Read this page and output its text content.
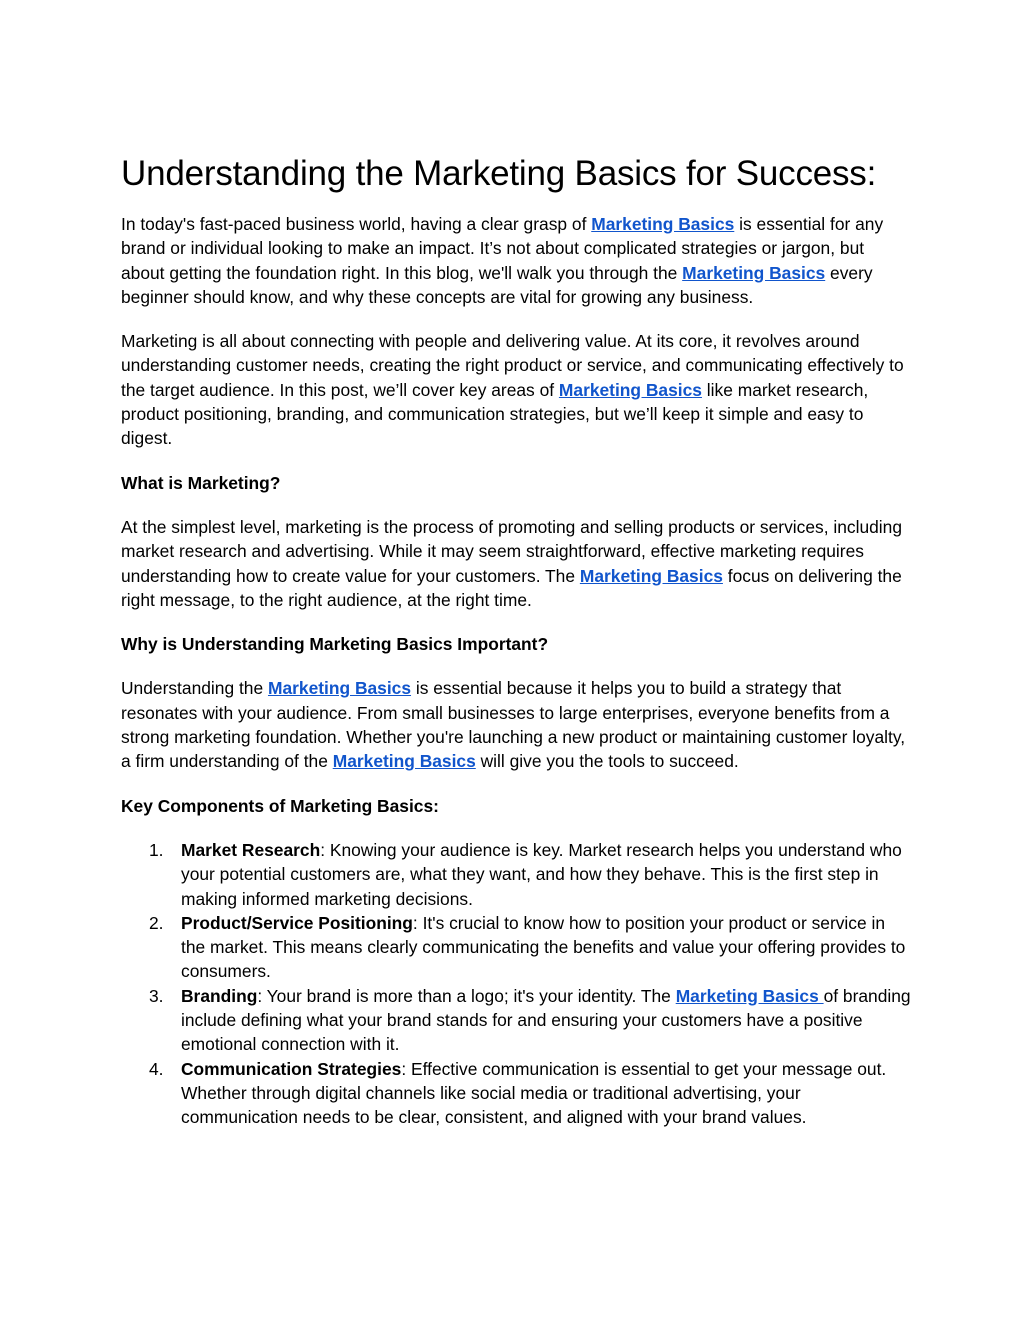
Understanding the Marketing Basics for Success:

In today's fast-paced business world, having a clear grasp of Marketing Basics is essential for any brand or individual looking to make an impact. It’s not about complicated strategies or jargon, but about getting the foundation right. In this blog, we'll walk you through the Marketing Basics every beginner should know, and why these concepts are vital for growing any business.

Marketing is all about connecting with people and delivering value. At its core, it revolves around understanding customer needs, creating the right product or service, and communicating effectively to the target audience. In this post, we’ll cover key areas of Marketing Basics like market research, product positioning, branding, and communication strategies, but we’ll keep it simple and easy to digest.

What is Marketing?

At the simplest level, marketing is the process of promoting and selling products or services, including market research and advertising. While it may seem straightforward, effective marketing requires understanding how to create value for your customers. The Marketing Basics focus on delivering the right message, to the right audience, at the right time.

Why is Understanding Marketing Basics Important?

Understanding the Marketing Basics is essential because it helps you to build a strategy that resonates with your audience. From small businesses to large enterprises, everyone benefits from a strong marketing foundation. Whether you're launching a new product or maintaining customer loyalty, a firm understanding of the Marketing Basics will give you the tools to succeed.

Key Components of Marketing Basics:

1. Market Research: Knowing your audience is key. Market research helps you understand who your potential customers are, what they want, and how they behave. This is the first step in making informed marketing decisions.
2. Product/Service Positioning: It's crucial to know how to position your product or service in the market. This means clearly communicating the benefits and value your offering provides to consumers.
3. Branding: Your brand is more than a logo; it's your identity. The Marketing Basics of branding include defining what your brand stands for and ensuring your customers have a positive emotional connection with it.
4. Communication Strategies: Effective communication is essential to get your message out. Whether through digital channels like social media or traditional advertising, your communication needs to be clear, consistent, and aligned with your brand values.
